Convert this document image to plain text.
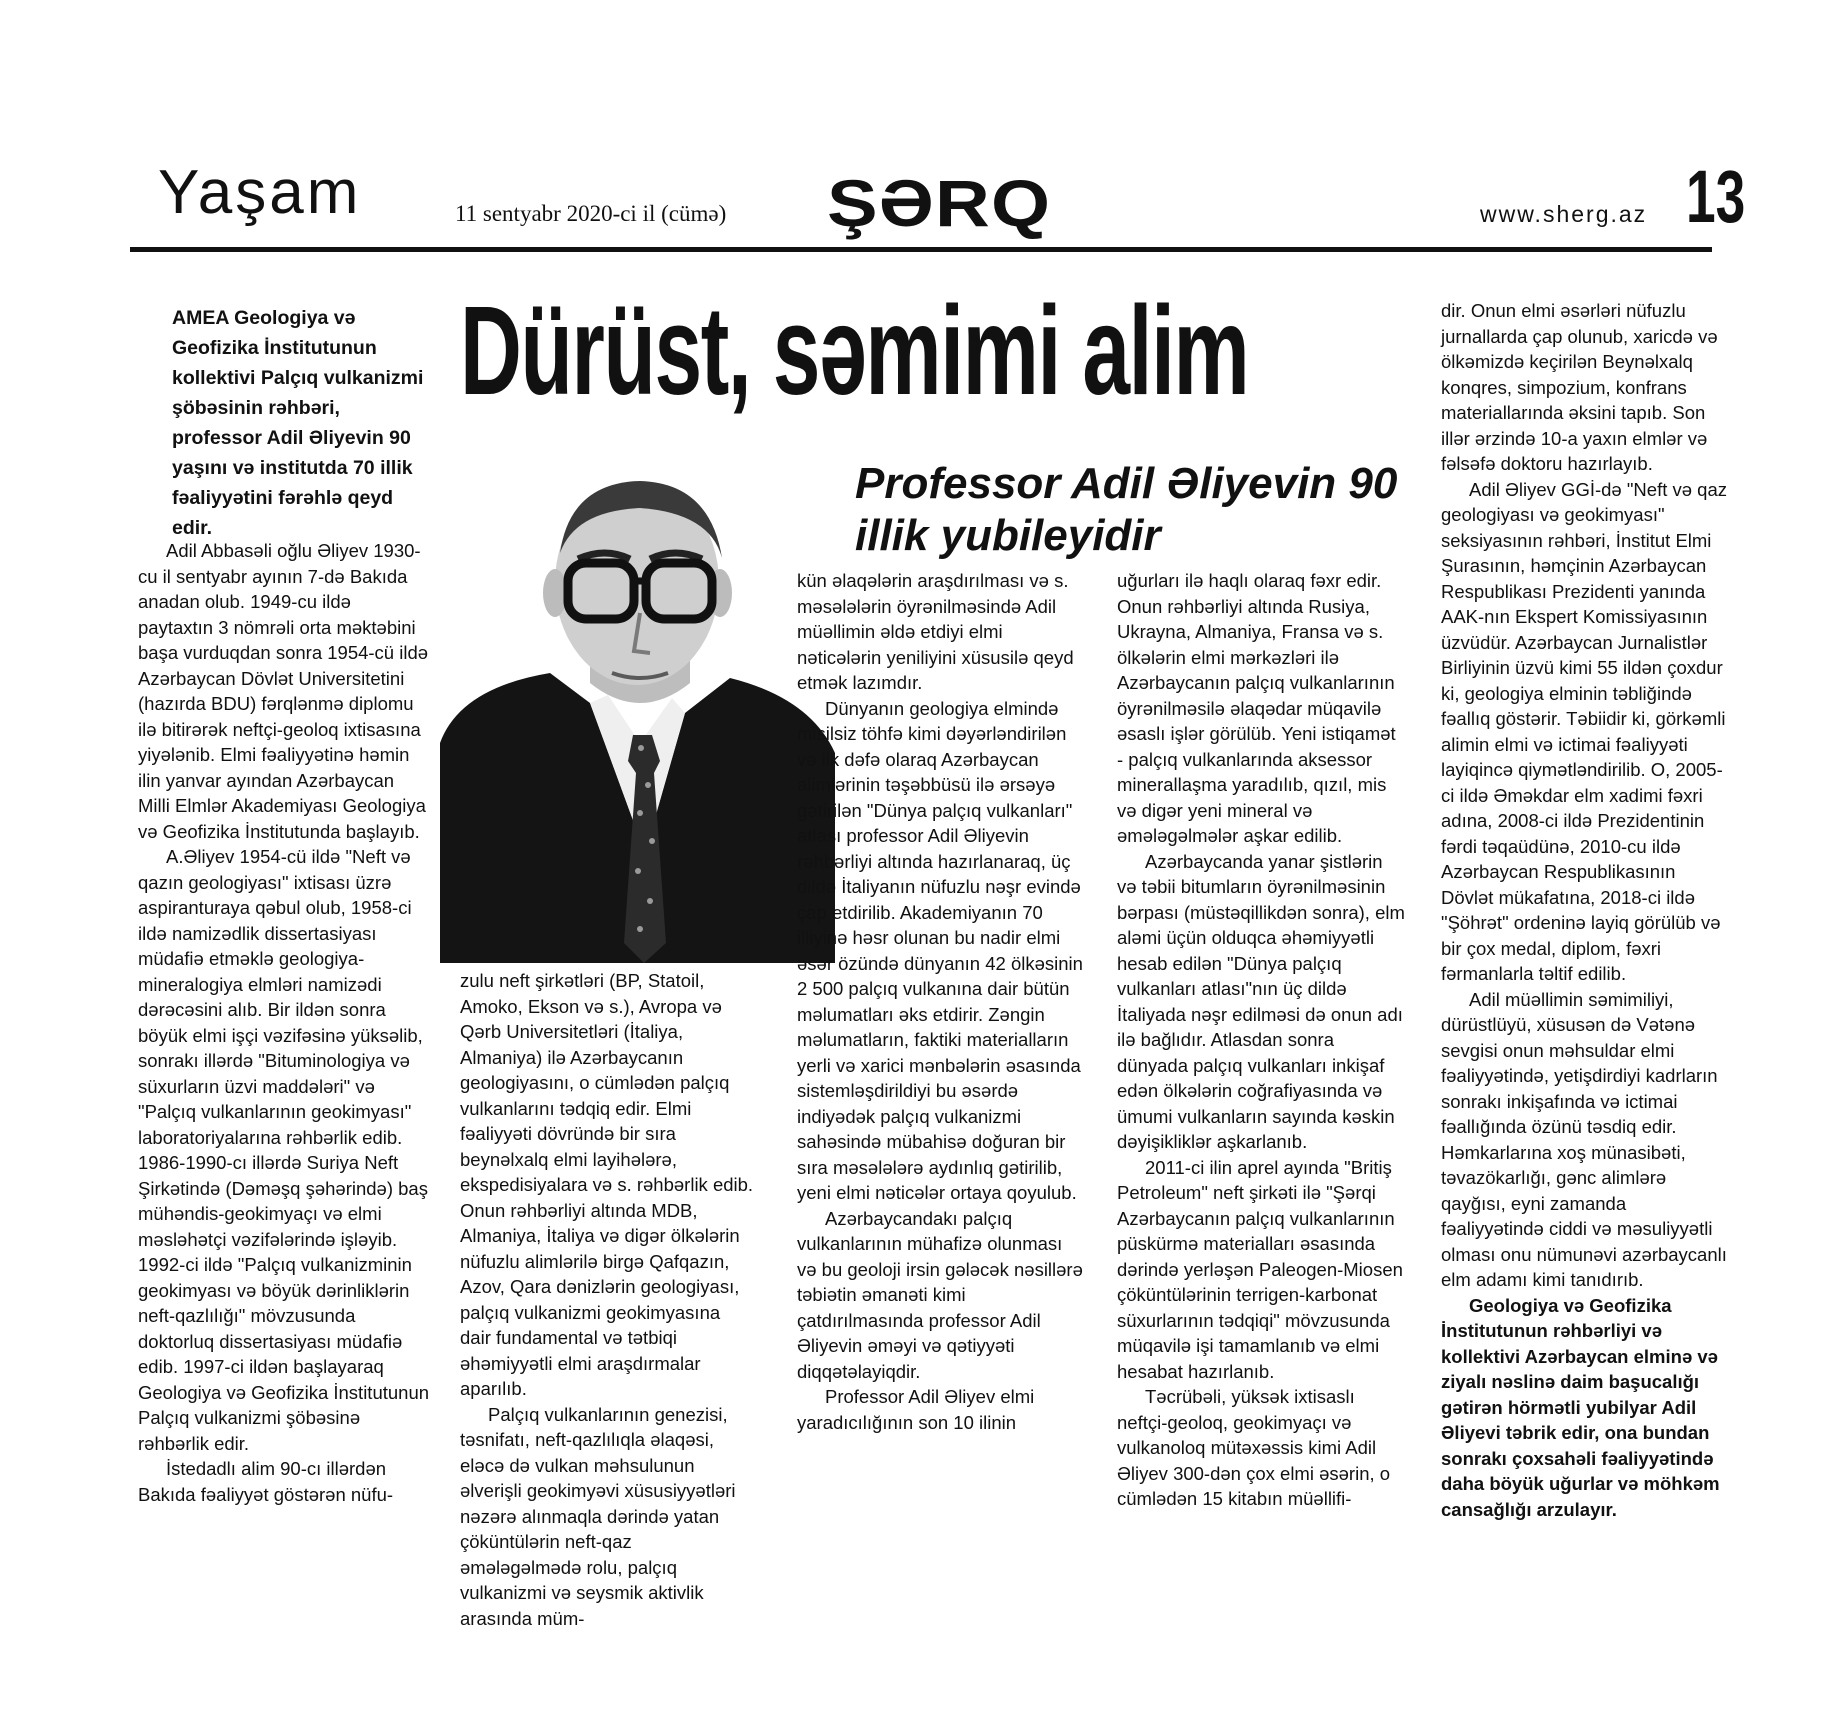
Yaşam	11 sentyabr 2020-ci il (cümə) ŞƏRQ	www.sherg.az 13
AMEA Geologiya və Geofizika İnstitutunun kollektivi Palçıq vulkanizmi şöbəsinin rəhbəri, professor Adil Əliyevin 90 yaşını və institutda 70 illik fəaliyyətini fərəhlə qeyd edir.
Dürüst, səmimi alim
Professor Adil Əliyevin 90 illik yubileyidir

Adil Abbasəli oğlu Əliyev 1930-cu il sentyabr ayının 7-də Bakıda anadan olub. 1949-cu ildə paytaxtın 3 nömrəli orta məktəbini başa vurduqdan sonra 1954-cü ildə Azərbaycan Dövlət Universitetini (hazırda BDU) fərqlənmə diplomu ilə bitirərək neftçi-geoloq ixtisasına yiyələnib. Elmi fəaliyyətinə həmin ilin yanvar ayından Azərbaycan Milli Elmlər Akademiyası Geologiya və Geofizika İnstitutunda başlayıb.

A.Əliyev 1954-cü ildə "Neft və qazın geologiyası" ixtisası üzrə aspiranturaya qəbul olub, 1958-ci ildə namizədlik dissertasiyası müdafiə etməklə geologiya-mineralogiya elmləri namizədi dərəcəsini alıb. Bir ildən sonra böyük elmi işçi vəzifəsinə yüksəlib, sonrakı illərdə "Bituminologiya və süxurların üzvi maddələri" və "Palçıq vulkanlarının geokimyası" laboratoriyalarına rəhbərlik edib. 1986-1990-cı illərdə Suriya Neft Şirkətində (Dəməşq şəhərində) baş mühəndis-geokimyaçı və elmi məsləhətçi vəzifələrində işləyib. 1992-ci ildə "Palçıq vulkanizminin geokimyası və böyük dərinliklərin neft-qazlılığı" mövzusunda doktorluq dissertasiyası müdafiə edib. 1997-ci ildən başlayaraq Geologiya və Geofizika İnstitutunun Palçıq vulkanizmi şöbəsinə rəhbərlik edir.

İstedadlı alim 90-cı illərdən Bakıda fəaliyyət göstərən nüfu-

zulu neft şirkətləri (BP, Statoil, Amoko, Ekson və s.), Avropa və Qərb Universitetləri (İtaliya, Almaniya) ilə Azərbaycanın geologiyasını, o cümlədən palçıq vulkanlarını tədqiq edir. Elmi fəaliyyəti dövründə bir sıra beynəlxalq elmi layihələrə, ekspedisiyalara və s. rəhbərlik edib. Onun rəhbərliyi altında MDB, Almaniya, İtaliya və digər ölkələrin nüfuzlu alimlərilə birgə Qafqazın, Azov, Qara dənizlərin geologiyası, palçıq vulkanizmi geokimyasına dair fundamental və tətbiqi əhəmiyyətli elmi araşdırmalar aparılıb.

Palçıq vulkanlarının genezisi, təsnifatı, neft-qazlılıqla əlaqəsi, eləcə də vulkan məhsulunun əlverişli geokimyəvi xüsusiyyətləri nəzərə alınmaqla dərində yatan çöküntülərin neft-qaz əmələgəlmədə rolu, palçıq vulkanizmi və seysmik aktivlik arasında müm-

kün əlaqələrin araşdırılması və s. məsələlərin öyrənilməsində Adil müəllimin əldə etdiyi elmi nəticələrin yeniliyini xüsusilə qeyd etmək lazımdır.

Dünyanın geologiya elmində misilsiz töhfə kimi dəyərləndirilən və ilk dəfə olaraq Azərbaycan alimlərinin təşəbbüsü ilə ərsəyə gətirilən "Dünya palçıq vulkanları" atlası professor Adil Əliyevin rəhbərliyi altında hazırlanaraq, üç dildə İtaliyanın nüfuzlu nəşr evində çap etdirilib. Akademiyanın 70 illiyinə həsr olunan bu nadir elmi əsər özündə dünyanın 42 ölkəsinin 2 500 palçıq vulkanına dair bütün məlumatları əks etdirir. Zəngin məlumatların, faktiki materialların yerli və xarici mənbələrin əsasında sistemləşdirildiyi bu əsərdə indiyədək palçıq vulkanizmi sahəsində mübahisə doğuran bir sıra məsələlərə aydınlıq gətirilib, yeni elmi nəticələr ortaya qoyulub.

Azərbaycandakı palçıq vulkanlarının mühafizə olunması və bu geoloji irsin gələcək nəsillərə təbiətin əmanəti kimi çatdırılmasında professor Adil Əliyevin əməyi və qətiyyəti diqqətəlayiqdir.

Professor Adil Əliyev elmi yaradıcılığının son 10 ilinin

uğurları ilə haqlı olaraq fəxr edir. Onun rəhbərliyi altında Rusiya, Ukrayna, Almaniya, Fransa və s. ölkələrin elmi mərkəzləri ilə Azərbaycanın palçıq vulkanlarının öyrənilməsilə əlaqədar müqavilə əsaslı işlər görülüb. Yeni istiqamət - palçıq vulkanlarında aksessor minerallaşma yaradılıb, qızıl, mis və digər yeni mineral və əmələgəlmələr aşkar edilib.

Azərbaycanda yanar şistlərin və təbii bitumların öyrənilməsinin bərpası (müstəqillikdən sonra), elm aləmi üçün olduqca əhəmiyyətli hesab edilən "Dünya palçıq vulkanları atlası"nın üç dildə İtaliyada nəşr edilməsi də onun adı ilə bağlıdır. Atlasdan sonra dünyada palçıq vulkanları inkişaf edən ölkələrin coğrafiyasında və ümumi vulkanların sayında kəskin dəyişikliklər aşkarlanıb.

2011-ci ilin aprel ayında "Britiş Petroleum" neft şirkəti ilə "Şərqi Azərbaycanın palçıq vulkanlarının püskürmə materialları əsasında dərində yerləşən Paleogen-Miosen çöküntülərinin terrigen-karbonat süxurlarının tədqiqi" mövzusunda müqavilə işi tamamlanıb və elmi hesabat hazırlanıb.

Təcrübəli, yüksək ixtisaslı neftçi-geoloq, geokimyaçı və vulkanoloq mütəxəssis kimi Adil Əliyev 300-dən çox elmi əsərin, o cümlədən 15 kitabın müəllifi-

dir. Onun elmi əsərləri nüfuzlu jurnallarda çap olunub, xaricdə və ölkəmizdə keçirilən Beynəlxalq konqres, simpozium, konfrans materiallarında əksini tapıb. Son illər ərzində 10-a yaxın elmlər və fəlsəfə doktoru hazırlayıb.

Adil Əliyev GGİ-də "Neft və qaz geologiyası və geokimyası" seksiyasının rəhbəri, İnstitut Elmi Şurasının, həmçinin Azərbaycan Respublikası Prezidenti yanında AAK-nın Ekspert Komissiyasının üzvüdür. Azərbaycan Jurnalistlər Birliyinin üzvü kimi 55 ildən çoxdur ki, geologiya elminin təbliğində fəallıq göstərir. Təbiidir ki, görkəmli alimin elmi və ictimai fəaliyyəti layiqincə qiymətləndirilib. O, 2005-ci ildə Əməkdar elm xadimi fəxri adına, 2008-ci ildə Prezidentinin fərdi təqaüdünə, 2010-cu ildə Azərbaycan Respublikasının Dövlət mükafatına, 2018-ci ildə "Şöhrət" ordeninə layiq görülüb və bir çox medal, diplom, fəxri fərmanlarla təltif edilib.

Adil müəllimin səmimiliyi, dürüstlüyü, xüsusən də Vətənə sevgisi onun məhsuldar elmi fəaliyyətində, yetişdirdiyi kadrların sonrakı inkişafında və ictimai fəallığında özünü təsdiq edir. Həmkarlarına xoş münasibəti, təvazökarlığı, gənc alimlərə qayğısı, eyni zamanda fəaliyyətində ciddi və məsuliyyətli olması onu nümunəvi azərbaycanlı elm adamı kimi tanıdırıb.

Geologiya və Geofizika İnstitutunun rəhbərliyi və kollektivi Azərbaycan elminə və ziyalı nəslinə daim başucalığı gətirən hörmətli yubilyar Adil Əliyevi təbrik edir, ona bundan sonrakı çoxsahəli fəaliyyətində daha böyük uğurlar və möhkəm cansağlığı arzulayır.
